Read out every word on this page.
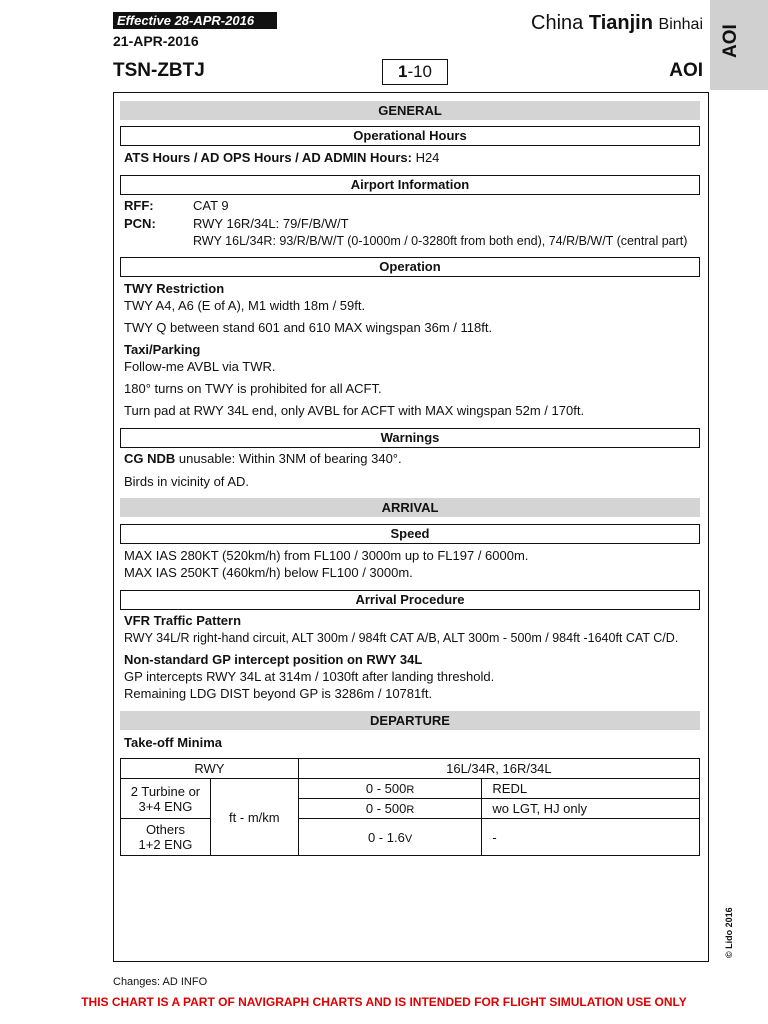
Effective 28-APR-2016
21-APR-2016
TSN-ZBTJ
China Tianjin Binhai
1-10	AOI
AOI
GENERAL
Operational Hours
ATS Hours / AD OPS Hours / AD ADMIN Hours: H24
Airport Information
RFF:	CAT 9
PCN:	RWY 16R/34L: 79/F/B/W/T
RWY 16L/34R: 93/R/B/W/T (0-1000m / 0-3280ft from both end), 74/R/B/W/T (central part)
Operation
TWY Restriction
TWY A4, A6 (E of A), M1 width 18m / 59ft.
TWY Q between stand 601 and 610 MAX wingspan 36m / 118ft.
Taxi/Parking
Follow-me AVBL via TWR.
180° turns on TWY is prohibited for all ACFT.
Turn pad at RWY 34L end, only AVBL for ACFT with MAX wingspan 52m / 170ft.
Warnings
CG NDB unusable: Within 3NM of bearing 340°.
Birds in vicinity of AD.
ARRIVAL
Speed
MAX IAS 280KT (520km/h) from FL100 / 3000m up to FL197 / 6000m.
MAX IAS 250KT (460km/h) below FL100 / 3000m.
Arrival Procedure
VFR Traffic Pattern
RWY 34L/R right-hand circuit, ALT 300m / 984ft CAT A/B, ALT 300m - 500m / 984ft -1640ft CAT C/D.
Non-standard GP intercept position on RWY 34L
GP intercepts RWY 34L at 314m / 1030ft after landing threshold.
Remaining LDG DIST beyond GP is 3286m / 10781ft.
DEPARTURE
Take-off Minima
RWY		16L/34R, 16R/34L	

2 Turbine or
3+4 ENG	ft - m/km	0 - 500R	REDL
		0 - 500R	wo LGT, HJ only

Others
1+2 ENG		0 - 1.6V	-
© Lido 2016
Changes: AD INFO
THIS CHART IS A PART OF NAVIGRAPH CHARTS AND IS INTENDED FOR FLIGHT SIMULATION USE ONLY
